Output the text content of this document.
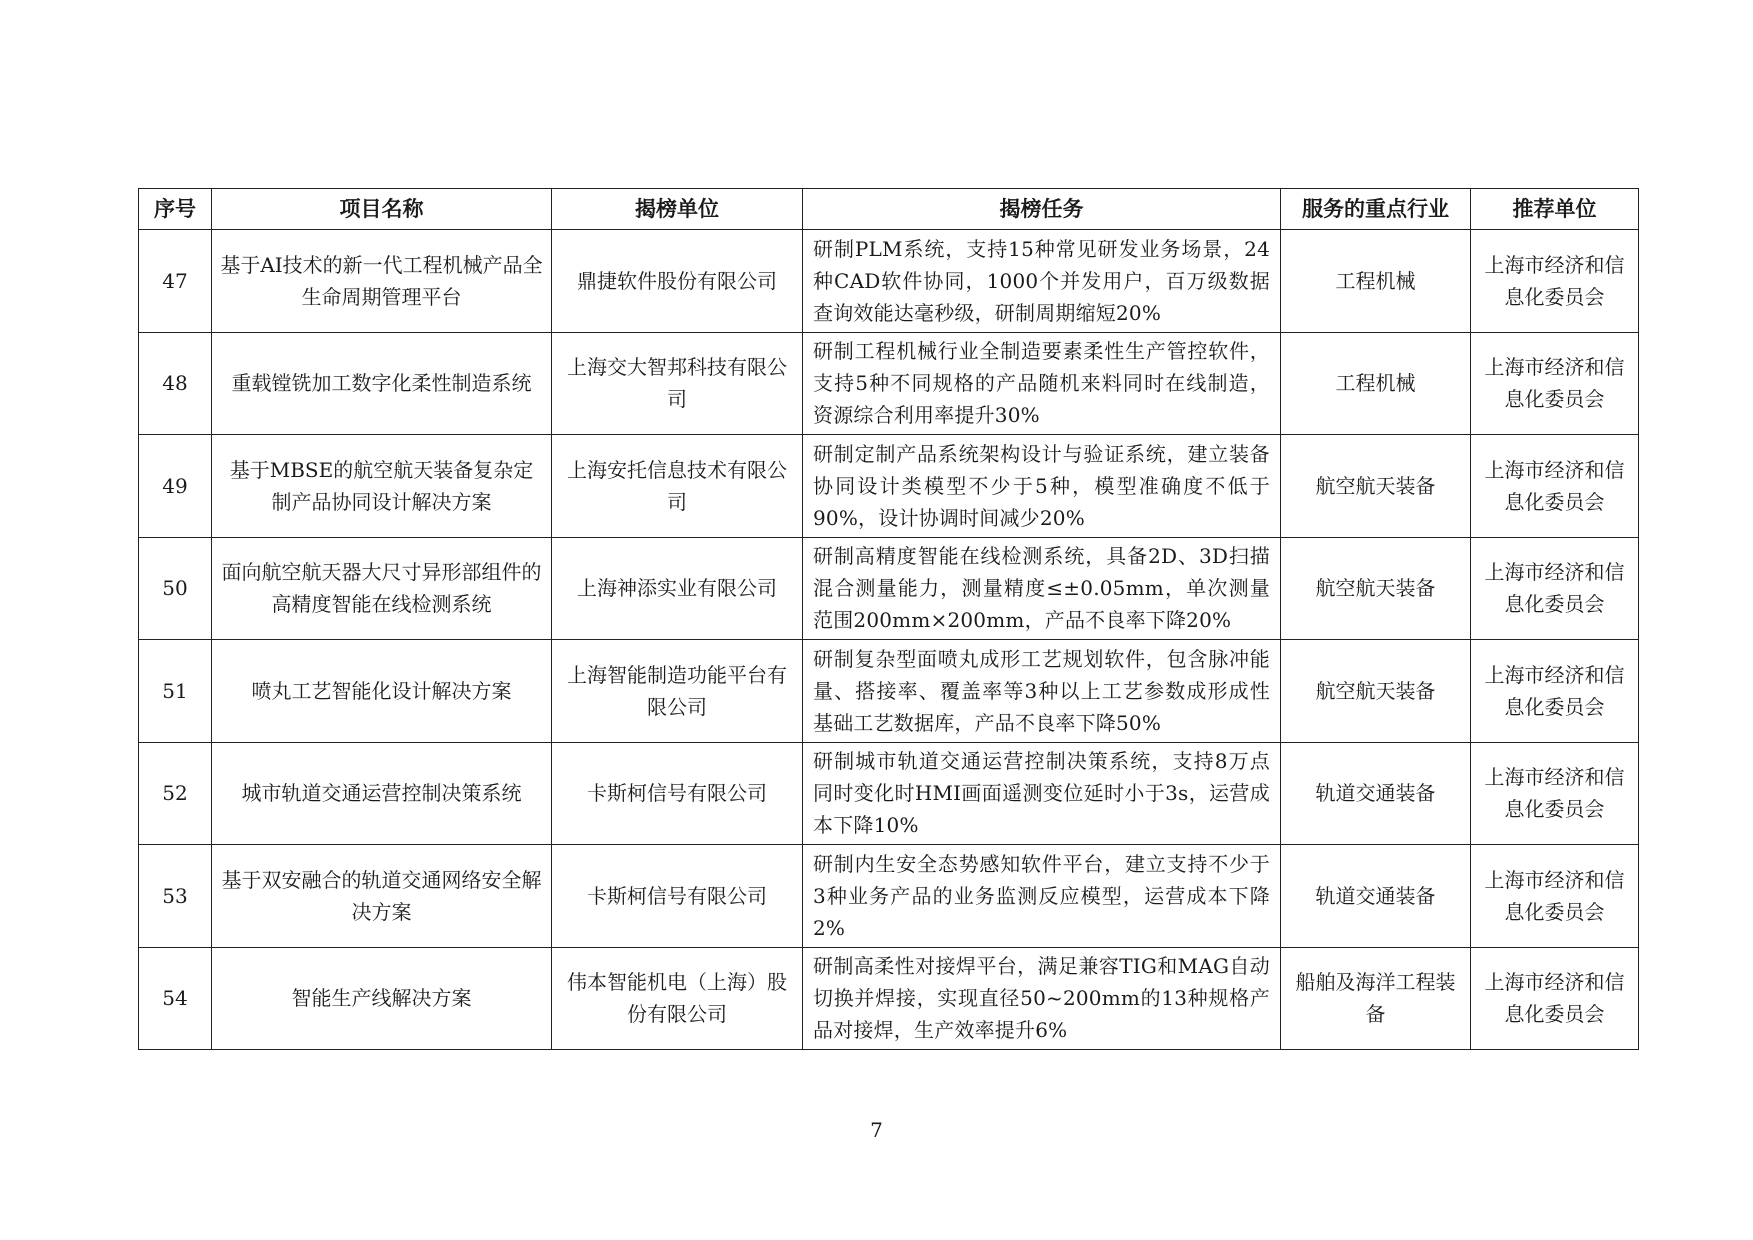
序号	项目名称	揭榜单位	揭榜任务	服务的重点行业	推荐单位
47	基于AI技术的新一代工程机械产品全生命周期管理平台	鼎捷软件股份有限公司	研制PLM系统，支持15种常见研发业务场景，24种CAD软件协同，1000个并发用户，百万级数据查询效能达毫秒级，研制周期缩短20%	工程机械	上海市经济和信息化委员会
48	重载镗铣加工数字化柔性制造系统	上海交大智邦科技有限公司	研制工程机械行业全制造要素柔性生产管控软件，支持5种不同规格的产品随机来料同时在线制造，资源综合利用率提升30%	工程机械	上海市经济和信息化委员会
49	基于MBSE的航空航天装备复杂定制产品协同设计解决方案	上海安托信息技术有限公司	研制定制产品系统架构设计与验证系统，建立装备协同设计类模型不少于5种，模型准确度不低于90%，设计协调时间减少20%	航空航天装备	上海市经济和信息化委员会
50	面向航空航天器大尺寸异形部组件的高精度智能在线检测系统	上海神添实业有限公司	研制高精度智能在线检测系统，具备2D、3D扫描混合测量能力，测量精度≤±0.05mm，单次测量范围200mm×200mm，产品不良率下降20%	航空航天装备	上海市经济和信息化委员会
51	喷丸工艺智能化设计解决方案	上海智能制造功能平台有限公司	研制复杂型面喷丸成形工艺规划软件，包含脉冲能量、搭接率、覆盖率等3种以上工艺参数成形成性基础工艺数据库，产品不良率下降50%	航空航天装备	上海市经济和信息化委员会
52	城市轨道交通运营控制决策系统	卡斯柯信号有限公司	研制城市轨道交通运营控制决策系统，支持8万点同时变化时HMI画面遥测变位延时小于3s，运营成本下降10%	轨道交通装备	上海市经济和信息化委员会
53	基于双安融合的轨道交通网络安全解决方案	卡斯柯信号有限公司	研制内生安全态势感知软件平台，建立支持不少于3种业务产品的业务监测反应模型，运营成本下降2%	轨道交通装备	上海市经济和信息化委员会
54	智能生产线解决方案	伟本智能机电（上海）股份有限公司	研制高柔性对接焊平台，满足兼容TIG和MAG自动切换并焊接，实现直径50~200mm的13种规格产品对接焊，生产效率提升6%	船舶及海洋工程装备	上海市经济和信息化委员会
7
